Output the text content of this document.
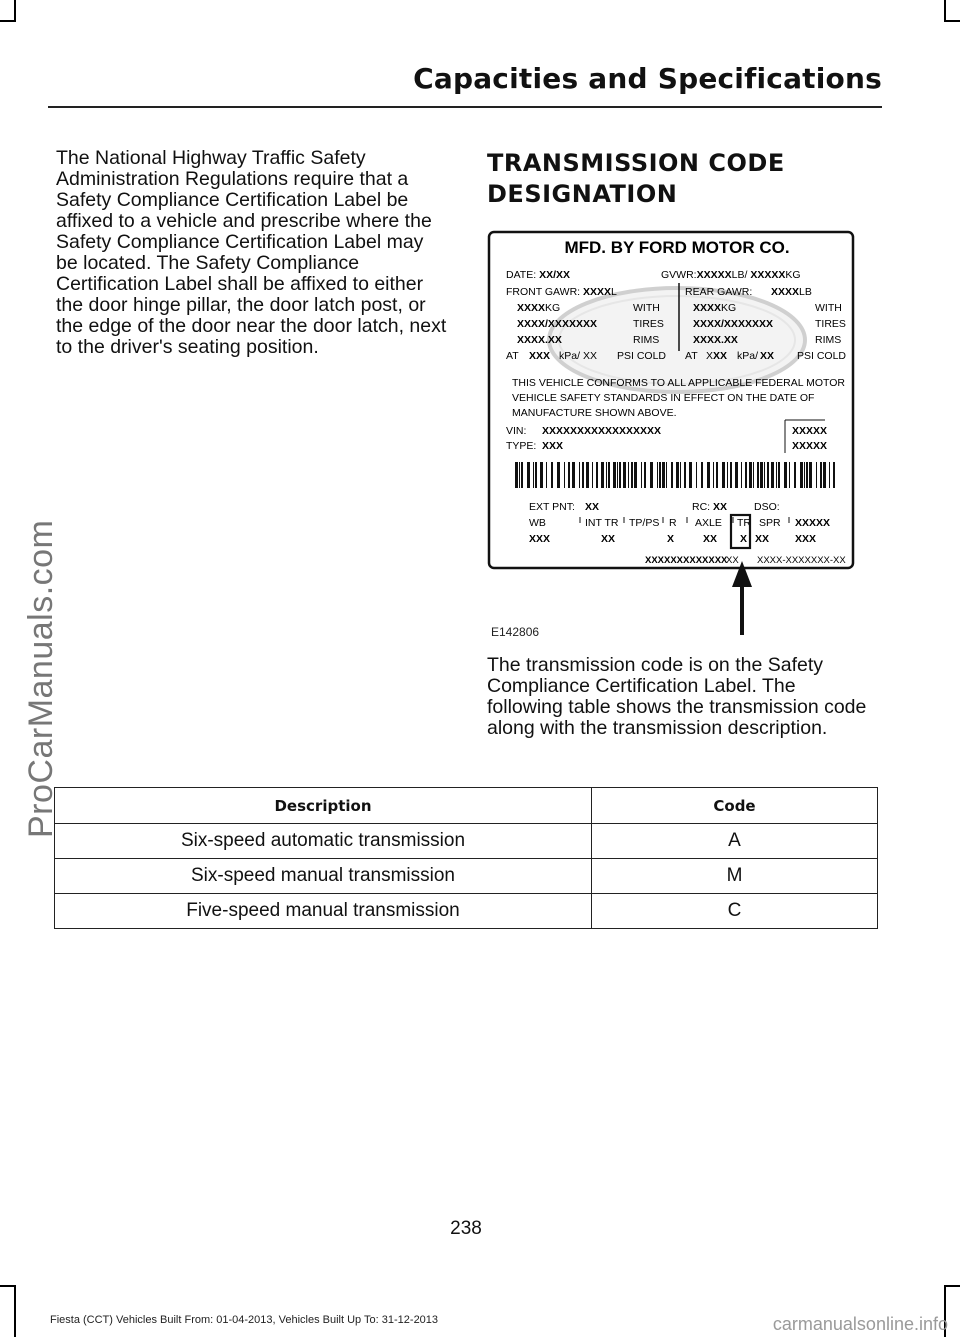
Capacities and Specifications

The National Highway Traffic Safety Administration Regulations require that a Safety Compliance Certification Label be affixed to a vehicle and prescribe where the Safety Compliance Certification Label may be located. The Safety Compliance Certification Label shall be affixed to either the door hinge pillar, the door latch post, or the edge of the door near the door latch, next to the driver's seating position.

TRANSMISSION CODE DESIGNATION
MFD. BY FORD MOTOR CO.
DATE: XX/XX	GVWR:XXXXXLB/ XXXXXKG
FRONT GAWR: XXXXL	REAR GAWR: XXXXLB
XXXXKG	WITH	XXXXKG	WITH
XXXX/XXXXXXX	TIRES	XXXX/XXXXXXX	TIRES
XXXX.XX	RIMS	XXXX.XX	RIMS
AT XXX kPa/ XX PSI COLD AT XXX kPa/ XX PSI COLD
THIS VEHICLE CONFORMS TO ALL APPLICABLE FEDERAL MOTOR
VEHICLE SAFETY STANDARDS IN EFFECT ON THE DATE OF
MANUFACTURE SHOWN ABOVE.
VIN: XXXXXXXXXXXXXXXXX
TYPE: XXX
XXXXX
XXXXX
EXT PNT: XX	RC: XX	DSO:
WB	INT TR TP/PS R AXLE TR SPR XXXXX
XXX	XX	X	XX X XX XXX
XXXXXXXXXXXXX
XX XXXX-XXXXXXX-XX
E142806

The transmission code is on the Safety Compliance Certification Label. The following table shows the transmission code along with the transmission description.

Description	Code
Six-speed automatic transmission	A
Six-speed manual transmission	M
Five-speed manual transmission	C
238
Fiesta (CCT) Vehicles Built From: 01-04-2013, Vehicles Built Up To: 31-12-2013
ProCarManuals.com
carmanualsonline.info
